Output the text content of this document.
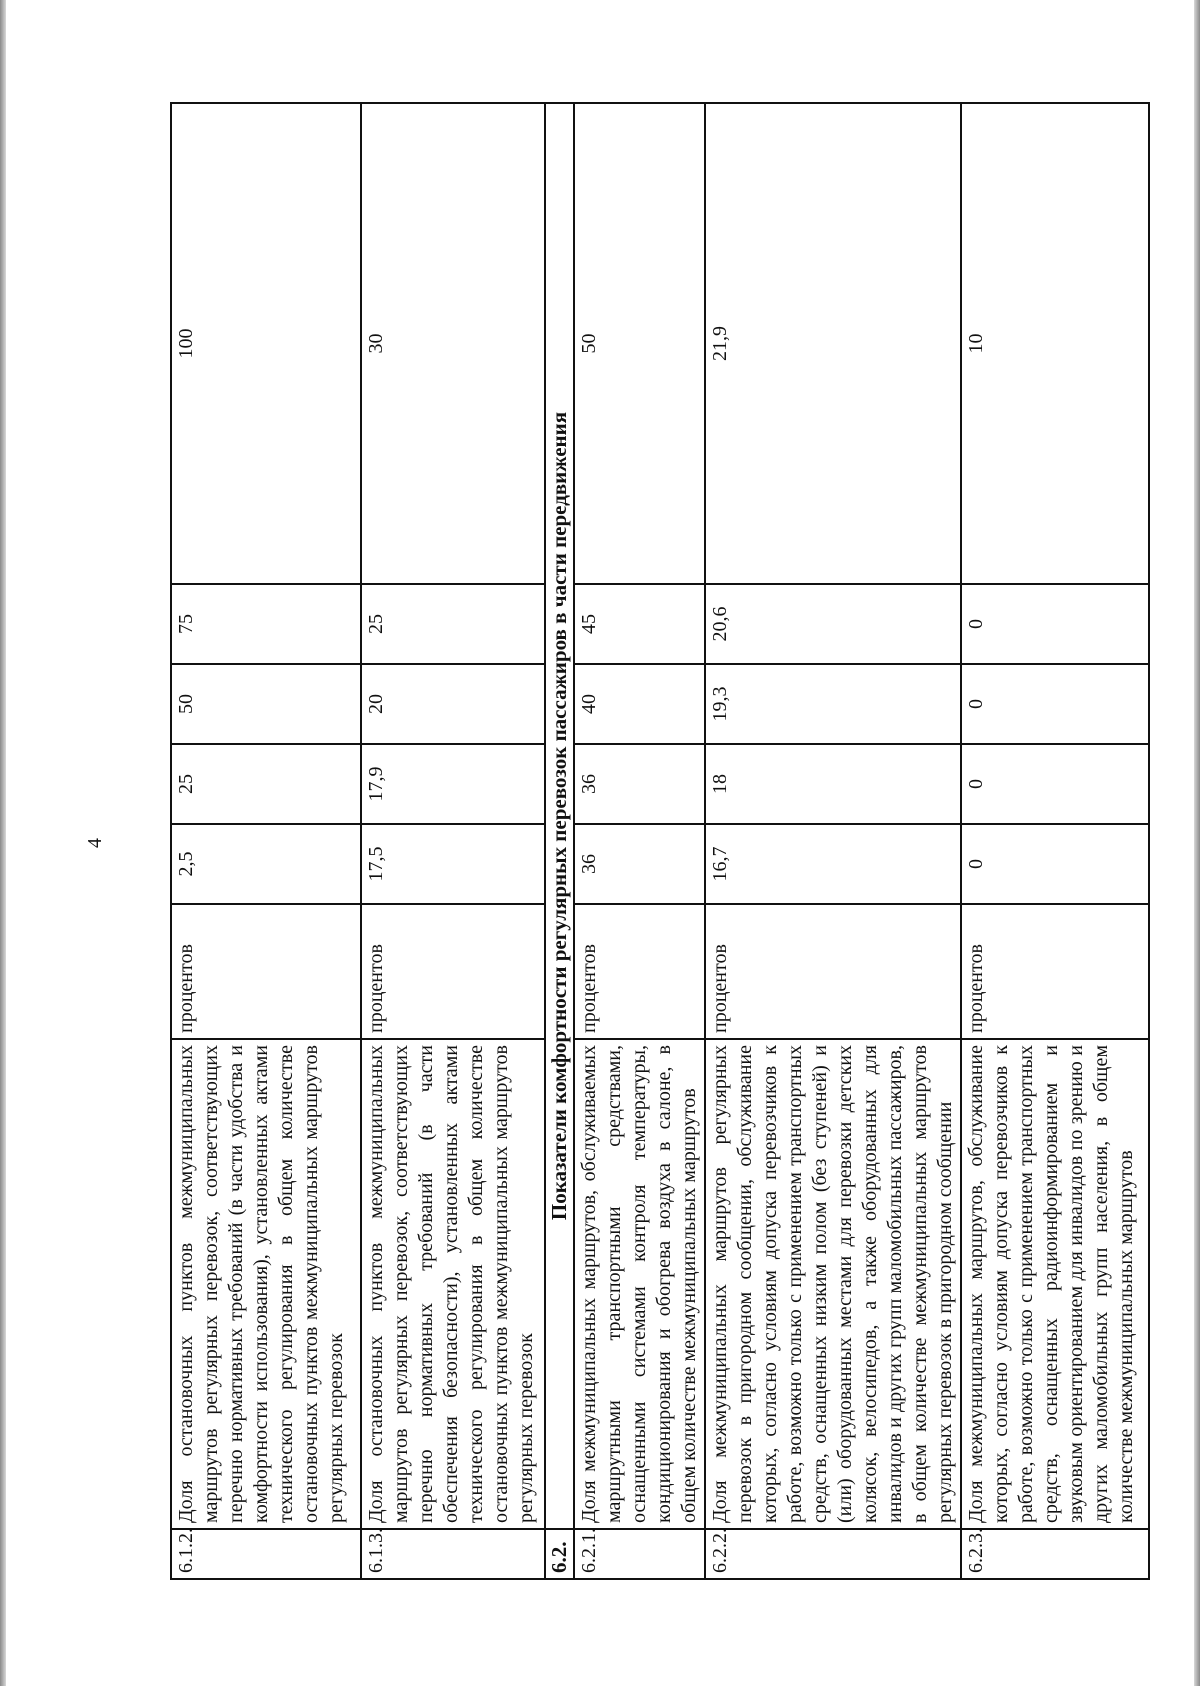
4
6.1.2.	Доля остановочных пунктов межмуниципальных маршрутов регулярных перевозок, соответствующих перечню нормативных требований (в части удобства и комфортности использования), установленных актами технического регулирования в общем количестве остановочных пунктов межмуниципальных маршрутов регулярных перевозок	процентов	2,5	25	50	75	100
6.1.3.	Доля остановочных пунктов межмуниципальных маршрутов регулярных перевозок, соответствующих перечню нормативных требований (в части обеспечения безопасности), установленных актами технического регулирования в общем количестве остановочных пунктов межмуниципальных маршрутов регулярных перевозок	процентов	17,5	17,9	20	25	30
6.2.	Показатели комфортности регулярных перевозок пассажиров в части передвижения						
6.2.1.	Доля межмуниципальных маршрутов, обслуживаемых маршрутными транспортными средствами, оснащенными системами контроля температуры, кондиционирования и обогрева воздуха в салоне, в общем количестве межмуниципальных маршрутов	процентов	36	36	40	45	50
6.2.2.	Доля межмуниципальных маршрутов регулярных перевозок в пригородном сообщении, обслуживание которых, согласно условиям допуска перевозчиков к работе, возможно только с применением транспортных средств, оснащенных низким полом (без ступеней) и (или) оборудованных местами для перевозки детских колясок, велосипедов, а также оборудованных для инвалидов и других групп маломобильных пассажиров, в общем количестве межмуниципальных маршрутов регулярных перевозок в пригородном сообщении	процентов	16,7	18	19,3	20,6	21,9
6.2.3.	Доля межмуниципальных маршрутов, обслуживание которых, согласно условиям допуска перевозчиков к работе, возможно только с применением транспортных средств, оснащенных радиоинформированием и звуковым ориентированием для инвалидов по зрению и других маломобильных групп населения, в общем количестве межмуниципальных маршрутов	процентов	0	0	0	0	10
